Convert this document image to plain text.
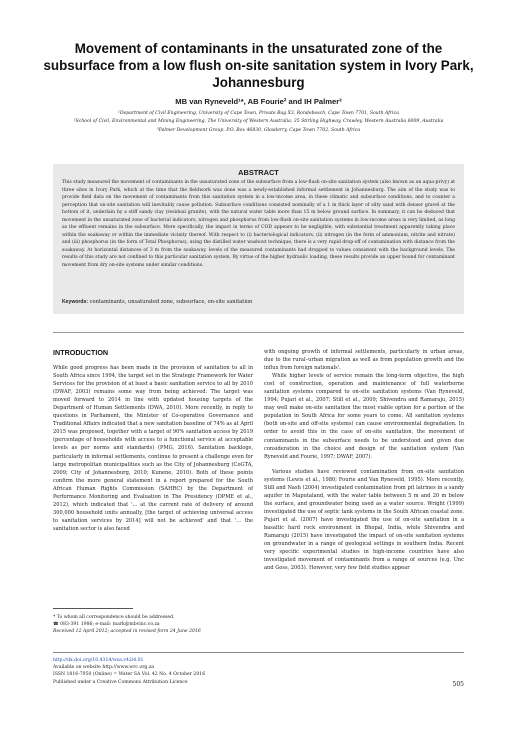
Movement of contaminants in the unsaturated zone of the subsurface from a low flush on-site sanitation system in Ivory Park, Johannesburg
MB van Ryneveld¹*, AB Fourie² and IH Palmer³
¹Department of Civil Engineering, University of Cape Town, Private Bag X3, Rondebosch, Cape Town 7701, South Africa
²School of Civil, Environmental and Mining Engineering, The University of Western Australia, 35 Stirling Highway, Crawley, Western Australia 6009, Australia
³Palmer Development Group, P.O. Box 46830, Glosderry, Cape Town 7702, South Africa
ABSTRACT
This study measured the movement of contaminants in the unsaturated zone of the subsurface from a low-flush on-site sanitation system (also known as an aqua-privy) at three sites in Ivory Park, which at the time that the fieldwork was done was a newly-established informal settlement in Johannesburg. The aim of the study was to provide field data on the movement of contaminants from this sanitation system in a low-income area, in these climatic and subsurface conditions, and to counter a perception that on-site sanitation will inevitably cause pollution. Subsurface conditions consisted nominally of a 1 m thick layer of silty sand with denser gravel at the bottom of it, underlain by a stiff sandy clay (residual granite), with the natural water table more than 15 m below ground surface. In summary, it can be deduced that movement in the unsaturated zone of bacterial indicators, nitrogen and phosphorus from low-flush on-site sanitation systems in low-income areas is very limited, as long as the effluent remains in the subsurface. More specifically, the impact in terms of COD appears to be negligible, with substantial treatment apparently taking place within the soakaway or within the immediate vicinity thereof. With respect to (i) bacteriological indicators, (ii) nitrogen (in the form of ammonium, nitrite and nitrate) and (iii) phosphorus (in the form of Total Phosphorus), using the distilled water washout technique, there is a very rapid drop-off of contamination with distance from the soakaway. At horizontal distances of 3 m from the soakaway, levels of the measured contaminants had dropped to values consistent with the background levels. The results of this study are not confined to this particular sanitation system. By virtue of the higher hydraulic loading, these results provide an upper bound for contaminant movement from dry on-site systems under similar conditions.
Keywords: contaminants, unsaturated zone, subsurface, on-site sanitation
INTRODUCTION

While good progress has been made in the provision of sanitation to all in South Africa since 1994, the target set in the Strategic Framework for Water Services for the provision of at least a basic sanitation service to all by 2010 (DWAF, 2003) remains some way from being achieved. The target was moved forward to 2014 in line with updated housing targets of the Department of Human Settlements (DWA, 2010). More recently, in reply to questions in Parliament, the Minister of Co-operative Governance and Traditional Affairs indicated that a new sanitation baseline of 74% as at April 2015 was proposed, together with a target of 90% sanitation access by 2019 (percentage of households with access to a functional service at acceptable levels as per norms and standards) (PMG, 2016). Sanitation backlogs, particularly in informal settlements, continue to present a challenge even for large metropolitan municipalities such as the City of Johannesburg (CoGTA, 2009; City of Johannesburg, 2010; Kunene, 2010). Both of these points confirm the more general statement in a report prepared for the South African Human Rights Commission (SAHRC) by the Department of Performance Monitoring and Evaluation in The Presidency (DPME et al., 2012), which indicated that '... at the current rate of delivery of around 300,000 household units annually, [the target of achieving universal access to sanitation services by 2014] will not be achieved' and that '... the sanitation sector is also faced

with ongoing growth of informal settlements, particularly in urban areas, due to the rural–urban migration as well as from population growth and the influx from foreign nationals'.

While higher levels of service remain the long-term objective, the high cost of construction, operation and maintenance of full waterborne sanitation systems compared to on-site sanitation systems (Van Ryneveld, 1994; Pujari et al., 2007; Still et al., 2009; Shivendra and Ramaraju, 2015) may well make on-site sanitation the most viable option for a portion of the population in South Africa for some years to come. All sanitation systems (both on-site and off-site systems) can cause environmental degradation. In order to avoid this in the case of on-site sanitation, the movement of contaminants in the subsurface needs to be understood and given due consideration in the choice and design of the sanitation system (Van Ryneveld and Fourie, 1997; DWAF, 2007).

Various studies have reviewed contamination from on-site sanitation systems (Lewis et al., 1980; Fourie and Van Ryneveld, 1995). More recently, Still and Nash (2004) investigated contamination from pit latrines in a sandy aquifer in Maputaland, with the water table between 5 m and 20 m below the surface, and groundwater being used as a water source. Wright (1999) investigated the use of septic tank systems in the South African coastal zone. Pujari et al. (2007) have investigated the use of on-site sanitation in a basaltic hard rock environment in Bhopal, India, while Shivendra and Ramaraju (2015) have investigated the impact of on-site sanitation systems on groundwater in a range of geological settings in southern India. Recent very specific experimental studies in high-income countries have also investigated movement of contaminants from a range of sources (e.g. Unc and Goss, 2003). However, very few field studies appear

* To whom all correspondence should be addressed.
☎ 083-391 1986; e-mail: mark@mbvinc.co.za
Received 12 April 2012; accepted in revised form 24 June 2016
http://dx.doi.org/10.4314/wsa.v42i4.01
Available on website http://www.wrc.org.za
ISSN 1816-7950 (Online) = Water SA Vol. 42 No. 4 October 2016
Published under a Creative Commons Attribution Licence	505
